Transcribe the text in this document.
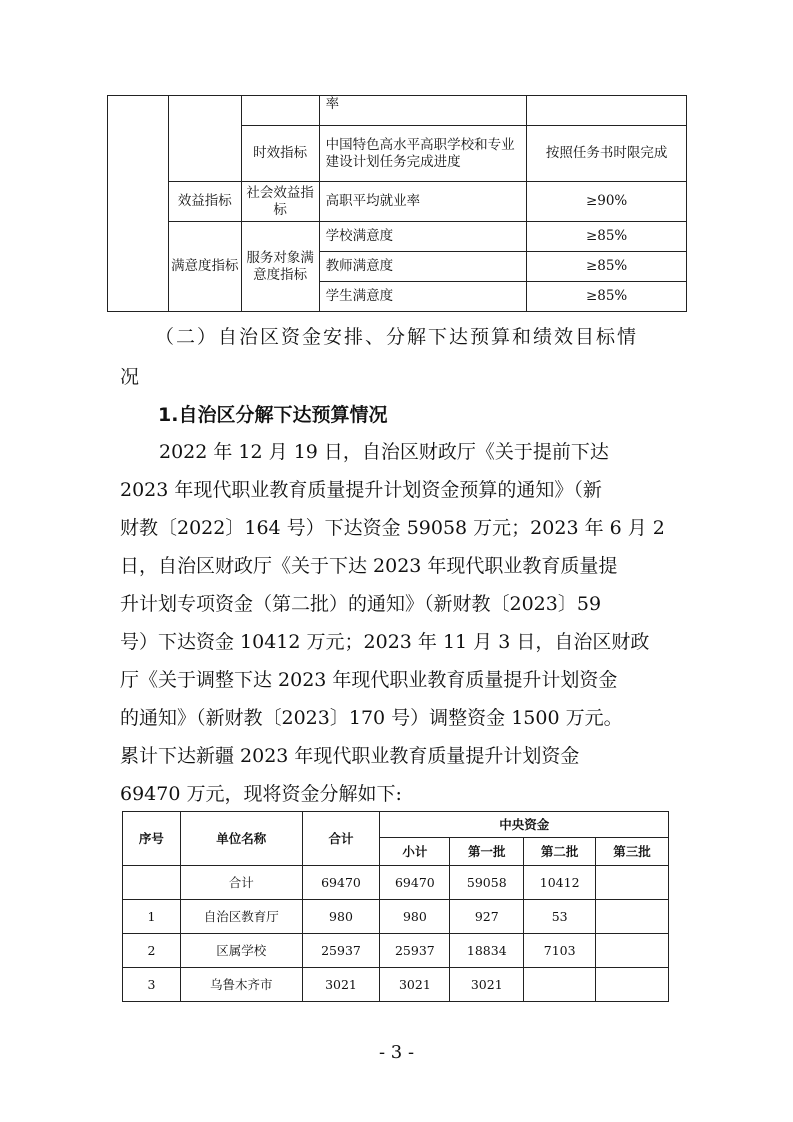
			率	
		时效指标	中国特色高水平高职学校和专业建设计划任务完成进度	按照任务书时限完成
	效益指标	社会效益指标	高职平均就业率	≥90%
	满意度指标	服务对象满意度指标	学校满意度	≥85%
			教师满意度	≥85%
			学生满意度	≥85%
（二）自治区资金安排、分解下达预算和绩效目标情
况
1.自治区分解下达预算情况
2022 年 12 月 19 日，自治区财政厅《关于提前下达
2023 年现代职业教育质量提升计划资金预算的通知》（新
财教〔2022〕164 号）下达资金 59058 万元；2023 年 6 月 2
日，自治区财政厅《关于下达 2023 年现代职业教育质量提
升计划专项资金（第二批）的通知》（新财教〔2023〕59
号）下达资金 10412 万元；2023 年 11 月 3 日，自治区财政
厅《关于调整下达 2023 年现代职业教育质量提升计划资金
的通知》（新财教〔2023〕170 号）调整资金 1500 万元。
累计下达新疆 2023 年现代职业教育质量提升计划资金
69470 万元，现将资金分解如下:
序号	单位名称	合计	中央资金			
			小计	第一批	第二批	第三批
	合计	69470	69470	59058	10412	
1	自治区教育厅	980	980	927	53	
2	区属学校	25937	25937	18834	7103	
3	乌鲁木齐市	3021	3021	3021		
- 3 -
